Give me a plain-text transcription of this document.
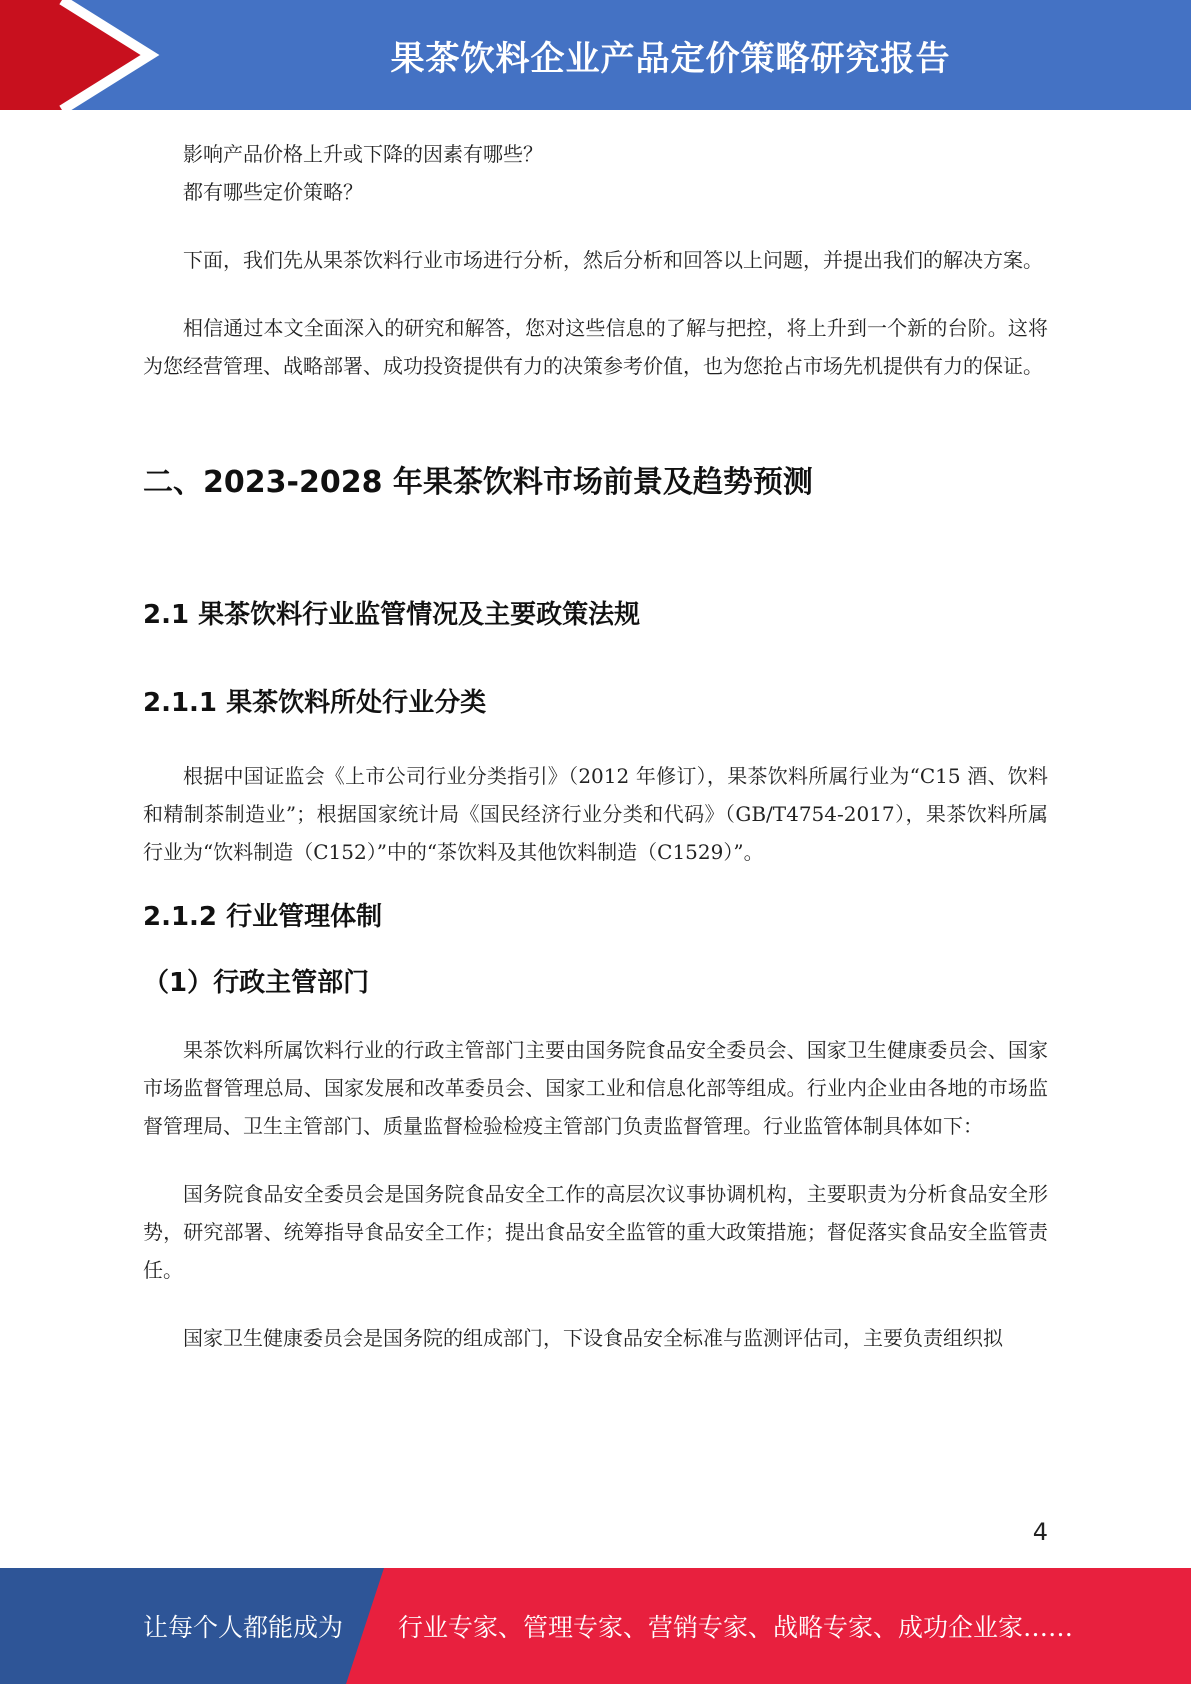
果茶饮料企业产品定价策略研究报告

影响产品价格上升或下降的因素有哪些？

都有哪些定价策略？

下面，我们先从果茶饮料行业市场进行分析，然后分析和回答以上问题，并提出我们的解决方案。

相信通过本文全面深入的研究和解答，您对这些信息的了解与把控，将上升到一个新的台阶。这将为您经营管理、战略部署、成功投资提供有力的决策参考价值，也为您抢占市场先机提供有力的保证。

二、2023-2028 年果茶饮料市场前景及趋势预测
2.1 果茶饮料行业监管情况及主要政策法规
2.1.1 果茶饮料所处行业分类

根据中国证监会《上市公司行业分类指引》（2012 年修订），果茶饮料所属行业为“C15 酒、饮料和精制茶制造业”；根据国家统计局《国民经济行业分类和代码》（GB/T4754-2017），果茶饮料所属行业为“饮料制造（C152）”中的“茶饮料及其他饮料制造（C1529）”。

2.1.2 行业管理体制
（1）行政主管部门

果茶饮料所属饮料行业的行政主管部门主要由国务院食品安全委员会、国家卫生健康委员会、国家市场监督管理总局、国家发展和改革委员会、国家工业和信息化部等组成。行业内企业由各地的市场监督管理局、卫生主管部门、质量监督检验检疫主管部门负责监督管理。行业监管体制具体如下：

国务院食品安全委员会是国务院食品安全工作的高层次议事协调机构，主要职责为分析食品安全形势，研究部署、统筹指导食品安全工作；提出食品安全监管的重大政策措施；督促落实食品安全监管责任。

国家卫生健康委员会是国务院的组成部门，下设食品安全标准与监测评估司，主要负责组织拟

4
让每个人都能成为 行业专家、管理专家、营销专家、战略专家、成功企业家……
